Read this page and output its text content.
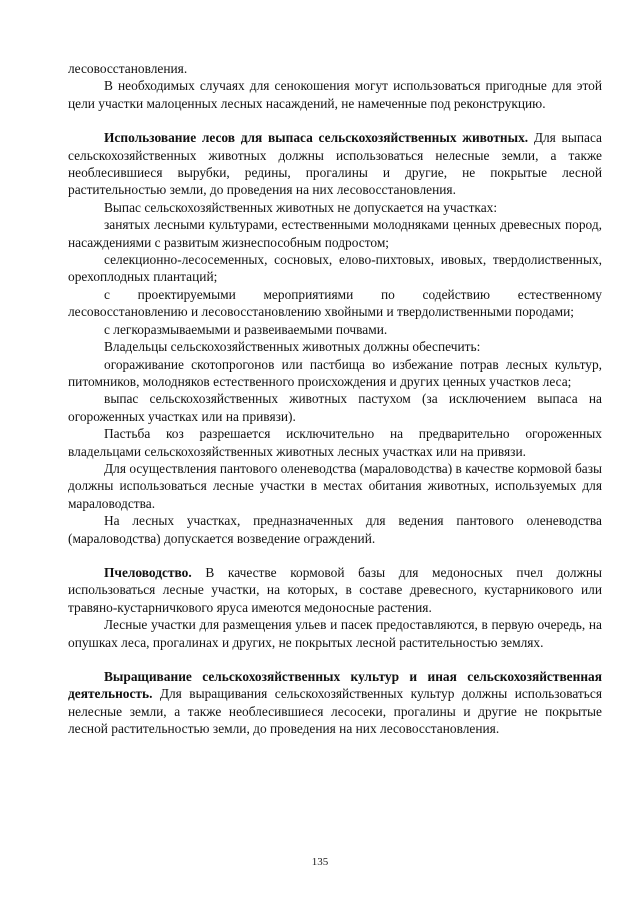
лесовосстановления.

В необходимых случаях для сенокошения могут использоваться пригодные для этой цели участки малоценных лесных насаждений, не намеченные под реконструкцию.

Использование лесов для выпаса сельскохозяйственных животных. Для выпаса сельскохозяйственных животных должны использоваться нелесные земли, а также необлесившиеся вырубки, редины, прогалины и другие, не покрытые лесной растительностью земли, до проведения на них лесовосстановления.

Выпас сельскохозяйственных животных не допускается на участках:

занятых лесными культурами, естественными молодняками ценных древесных пород, насаждениями с развитым жизнеспособным подростом;

селекционно-лесосеменных, сосновых, елово-пихтовых, ивовых, твердолиственных, орехоплодных плантаций;

с проектируемыми мероприятиями по содействию естественному лесовосстановлению и лесовосстановлению хвойными и твердолиственными породами;

с легкоразмываемыми и развеиваемыми почвами.

Владельцы сельскохозяйственных животных должны обеспечить:

огораживание скотопрогонов или пастбища во избежание потрав лесных культур, питомников, молодняков естественного происхождения и других ценных участков леса;

выпас сельскохозяйственных животных пастухом (за исключением выпаса на огороженных участках или на привязи).

Пастьба коз разрешается исключительно на предварительно огороженных владельцами сельскохозяйственных животных лесных участках или на привязи.

Для осуществления пантового оленеводства (мараловодства) в качестве кормовой базы должны использоваться лесные участки в местах обитания животных, используемых для мараловодства.

На лесных участках, предназначенных для ведения пантового оленеводства (мараловодства) допускается возведение ограждений.

Пчеловодство. В качестве кормовой базы для медоносных пчел должны использоваться лесные участки, на которых, в составе древесного, кустарникового или травяно-кустарничкового яруса имеются медоносные растения.

Лесные участки для размещения ульев и пасек предоставляются, в первую очередь, на опушках леса, прогалинах и других, не покрытых лесной растительностью землях.

Выращивание сельскохозяйственных культур и иная сельскохозяйственная деятельность. Для выращивания сельскохозяйственных культур должны использоваться нелесные земли, а также необлесившиеся лесосеки, прогалины и другие не покрытые лесной растительностью земли, до проведения на них лесовосстановления.

135
